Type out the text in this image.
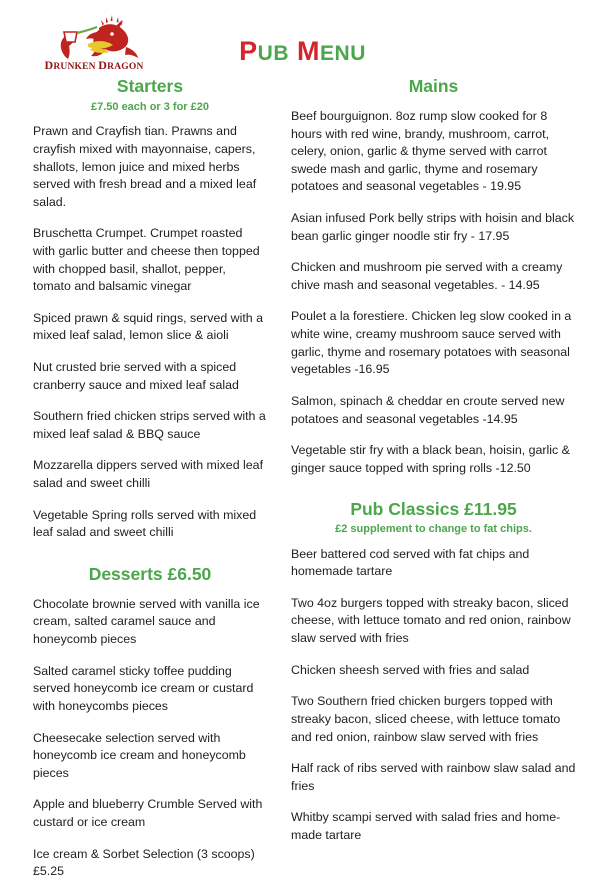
DRUNKEN DRAGON
PUB MENU
Starters
£7.50 each or 3 for £20

Prawn and Crayfish tian. Prawns and crayfish mixed with mayonnaise, capers, shallots, lemon juice and mixed herbs served with fresh bread and a mixed leaf salad.

Bruschetta Crumpet. Crumpet roasted with garlic butter and cheese then topped with chopped basil, shallot, pepper, tomato and balsamic vinegar

Spiced prawn & squid rings, served with a mixed leaf salad, lemon slice & aioli

Nut crusted brie served with a spiced cranberry sauce and mixed leaf salad

Southern fried chicken strips served with a mixed leaf salad & BBQ sauce

Mozzarella dippers served with mixed leaf salad and sweet chilli

Vegetable Spring rolls served with mixed leaf salad and sweet chilli

Desserts £6.50

Chocolate brownie served with vanilla ice cream, salted caramel sauce and honeycomb pieces

Salted caramel sticky toffee pudding served honeycomb ice cream or custard with honeycombs pieces

Cheesecake selection served with honeycomb ice cream and honeycomb pieces

Apple and blueberry Crumble Served with custard or ice cream

Ice cream & Sorbet Selection (3 scoops) £5.25

Mains

Beef bourguignon. 8oz rump slow cooked for 8 hours with red wine, brandy, mushroom, carrot, celery, onion, garlic & thyme served with carrot swede mash and garlic, thyme and rosemary potatoes and seasonal vegetables - 19.95

Asian infused Pork belly strips with hoisin and black bean garlic ginger noodle stir fry - 17.95

Chicken and mushroom pie served with a creamy chive mash and seasonal vegetables. - 14.95

Poulet a la forestiere. Chicken leg slow cooked in a white wine, creamy mushroom sauce served with garlic, thyme and rosemary potatoes with seasonal vegetables -16.95

Salmon, spinach & cheddar en croute served new potatoes and seasonal vegetables -14.95

Vegetable stir fry with a black bean, hoisin, garlic & ginger sauce topped with spring rolls -12.50

Pub Classics £11.95
£2 supplement to change to fat chips.

Beer battered cod served with fat chips and homemade tartare

Two 4oz burgers topped with streaky bacon, sliced cheese, with lettuce tomato and red onion, rainbow slaw served with fries

Chicken sheesh served with fries and salad

Two Southern fried chicken burgers topped with streaky bacon, sliced cheese, with lettuce tomato and red onion, rainbow slaw served with fries

Half rack of ribs served with rainbow slaw salad and fries

Whitby scampi served with salad fries and home-made tartare
